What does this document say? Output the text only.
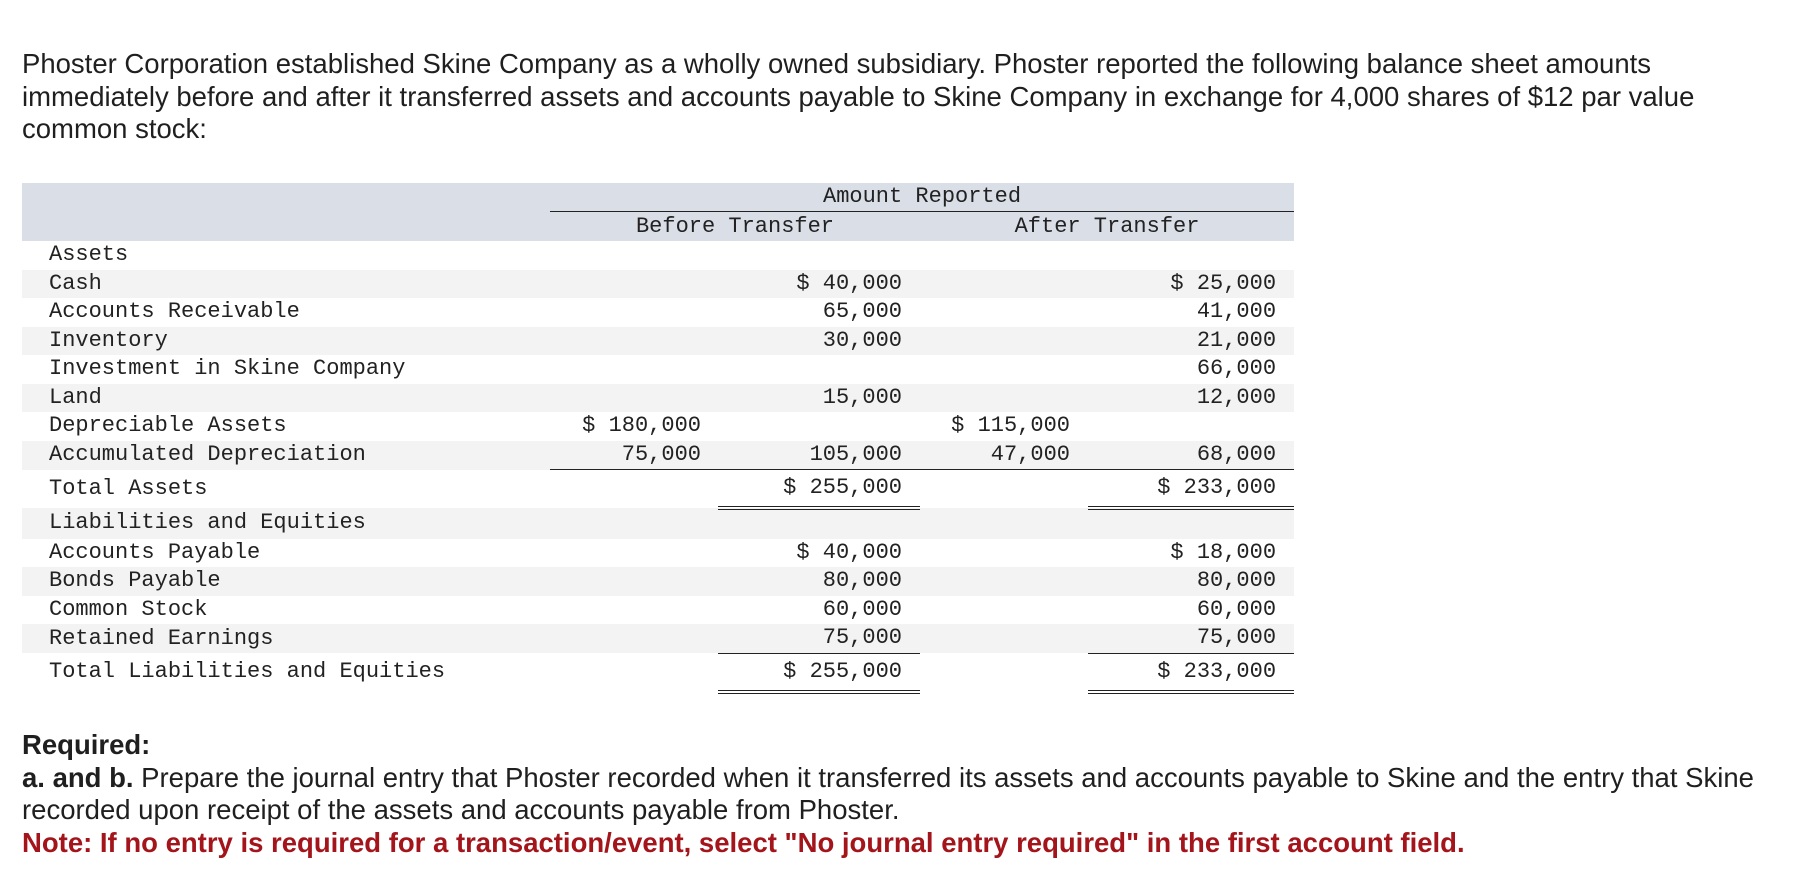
Phoster Corporation established Skine Company as a wholly owned subsidiary. Phoster reported the following balance sheet amounts immediately before and after it transferred assets and accounts payable to Skine Company in exchange for 4,000 shares of $12 par value common stock:

	Amount Reported			
	Before Transfer		After Transfer	
Assets				
Cash		$ 40,000		$ 25,000
Accounts Receivable		65,000		41,000
Inventory		30,000		21,000
Investment in Skine Company				66,000
Land		15,000		12,000
Depreciable Assets	$ 180,000		$ 115,000	
Accumulated Depreciation	75,000	105,000	47,000	68,000
Total Assets		$ 255,000		$ 233,000
Liabilities and Equities				
Accounts Payable		$ 40,000		$ 18,000
Bonds Payable		80,000		80,000
Common Stock		60,000		60,000
Retained Earnings		75,000		75,000
Total Liabilities and Equities		$ 255,000		$ 233,000
Required:
a. and b. Prepare the journal entry that Phoster recorded when it transferred its assets and accounts payable to Skine and the entry that Skine recorded upon receipt of the assets and accounts payable from Phoster.
Note: If no entry is required for a transaction/event, select "No journal entry required" in the first account field.
